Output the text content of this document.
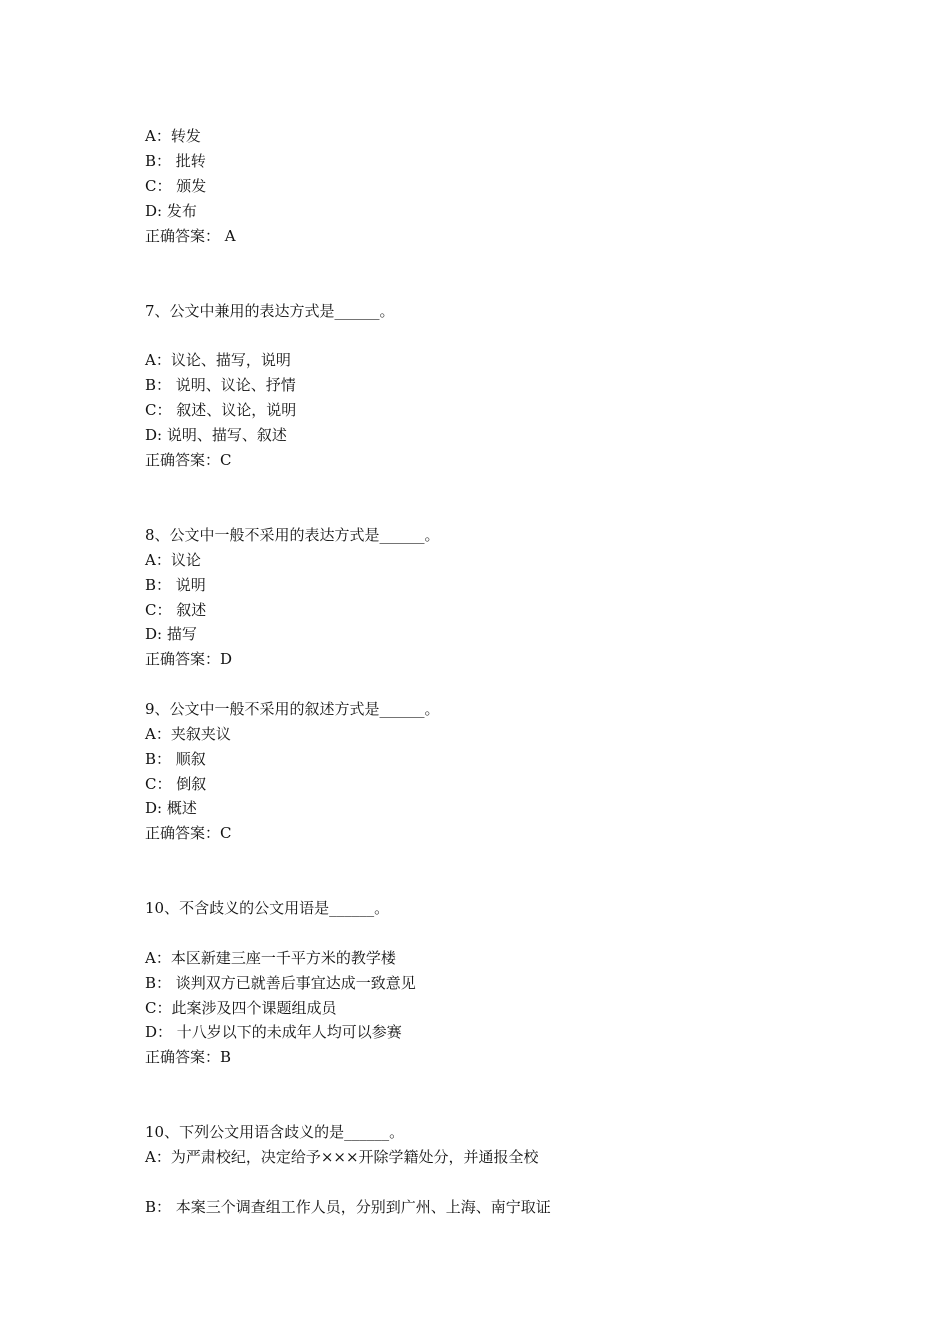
A：转发
B： 批转
C： 颁发
D: 发布
正确答案： A
7、公文中兼用的表达方式是______。
A：议论、描写，说明
B： 说明、议论、抒情
C： 叙述、议论，说明
D: 说明、描写、叙述
正确答案：C
8、公文中一般不采用的表达方式是______。
A：议论
B： 说明
C： 叙述
D: 描写
正确答案：D
9、公文中一般不采用的叙述方式是______。
A：夹叙夹议
B： 顺叙
C： 倒叙
D: 概述
正确答案：C
10、不含歧义的公文用语是______。
A：本区新建三座一千平方米的教学楼
B： 谈判双方已就善后事宜达成一致意见
C：此案涉及四个课题组成员
D： 十八岁以下的未成年人均可以参赛
正确答案：B
10、下列公文用语含歧义的是______。
A：为严肃校纪，决定给予×××开除学籍处分，并通报全校
B： 本案三个调查组工作人员，分别到广州、上海、南宁取证
